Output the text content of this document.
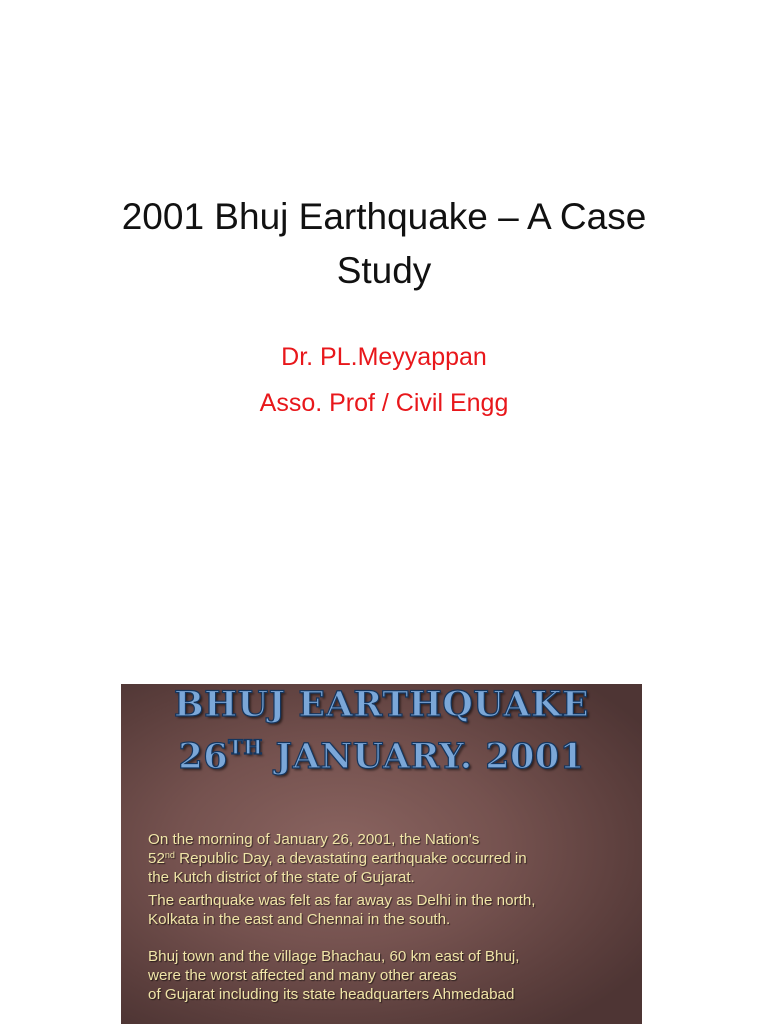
2001 Bhuj Earthquake – A Case
Study
Dr. PL.Meyyappan
Asso. Prof / Civil Engg
BHUJ EARTHQUAKE
26TH JANUARY. 2001

On the morning of January 26, 2001, the Nation's
52nd Republic Day, a devastating earthquake occurred in
the Kutch district of the state of Gujarat.

The earthquake was felt as far away as Delhi in the north,
Kolkata in the east and Chennai in the south.

Bhuj town and the village Bhachau, 60 km east of Bhuj,
were the worst affected and many other areas
of Gujarat including its state headquarters Ahmedabad
